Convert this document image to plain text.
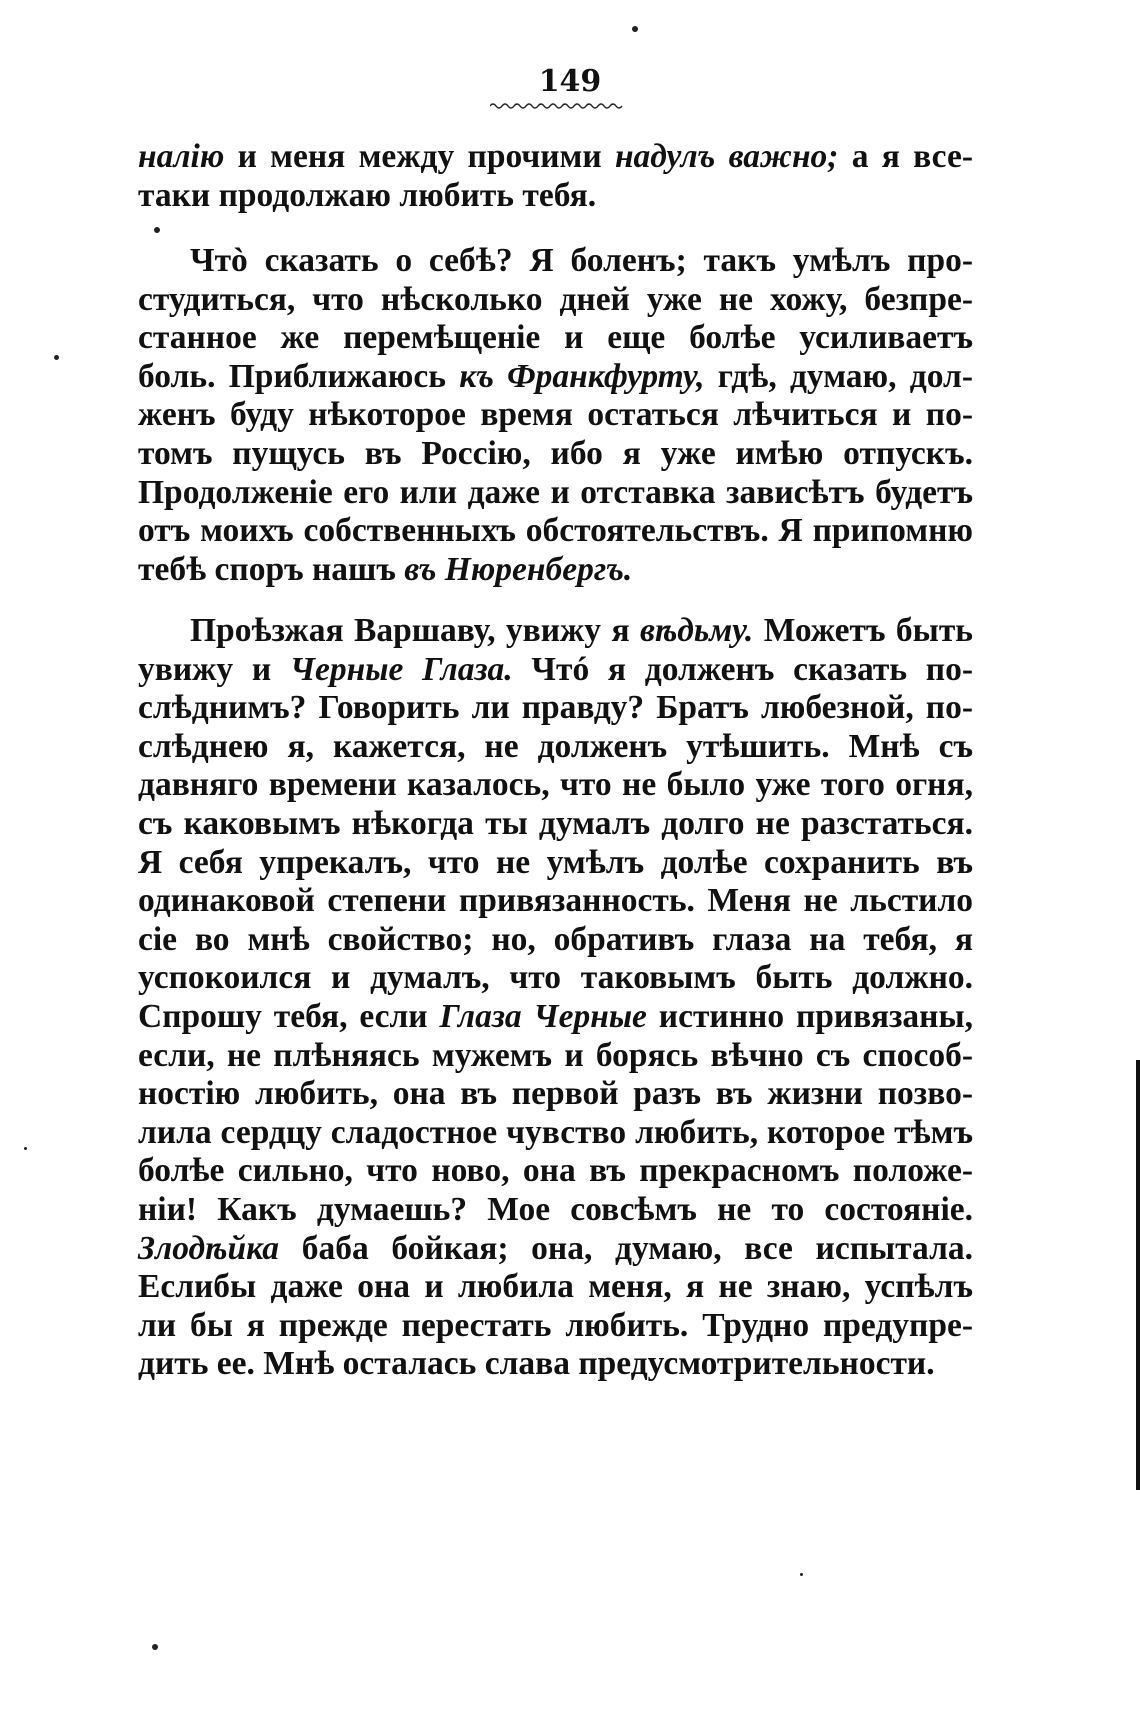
149
налію и меня между прочими надулъ важно; а я все-
таки продолжаю любить тебя.
Чтò сказать о себѣ? Я боленъ; такъ умѣлъ про-
студиться, что нѣсколько дней уже не хожу, безпре-
станное же перемѣщеніе и еще болѣе усиливаетъ
боль. Приближаюсь къ Франкфурту, гдѣ, думаю, дол-
женъ буду нѣкоторое время остаться лѣчиться и по-
томъ пущусь въ Россію, ибо я уже имѣю отпускъ.
Продолженіе его или даже и отставка зависѣтъ будетъ
отъ моихъ собственныхъ обстоятельствъ. Я припомню
тебѣ споръ нашъ въ Нюренбергъ.
Проѣзжая Варшаву, увижу я вѣдьму. Можетъ быть
увижу и Черные Глаза. Чтó я долженъ сказать по-
слѣднимъ? Говорить ли правду? Братъ любезной, по-
слѣднею я, кажется, не долженъ утѣшить. Мнѣ съ
давняго времени казалось, что не было уже того огня,
съ каковымъ нѣкогда ты думалъ долго не разстаться.
Я себя упрекалъ, что не умѣлъ долѣе сохранить въ
одинаковой степени привязанность. Меня не льстило
сіе во мнѣ свойство; но, обративъ глаза на тебя, я
успокоился и думалъ, что таковымъ быть должно.
Спрошу тебя, если Глаза Черные истинно привязаны,
если, не плѣняясь мужемъ и борясь вѣчно съ способ-
ностію любить, она въ первой разъ въ жизни позво-
лила сердцу сладостное чувство любить, которое тѣмъ
болѣе сильно, что ново, она въ прекрасномъ положе-
ніи! Какъ думаешь? Мое совсѣмъ не то состояніе.
Злодѣйка баба бойкая; она, думаю, все испытала.
Еслибы даже она и любила меня, я не знаю, успѣлъ
ли бы я прежде перестать любить. Трудно предупре-
дить ее. Мнѣ осталась слава предусмотрительности.
